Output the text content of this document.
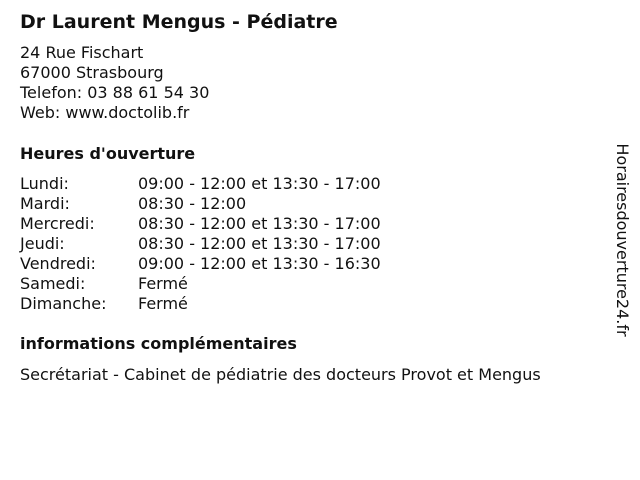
Dr Laurent Mengus - Pédiatre
24 Rue Fischart
67000 Strasbourg
Telefon: 03 88 61 54 30
Web: www.doctolib.fr
Heures d'ouverture
Lundi:	09:00 - 12:00 et 13:30 - 17:00
Mardi:	08:30 - 12:00
Mercredi:	08:30 - 12:00 et 13:30 - 17:00
Jeudi:	08:30 - 12:00 et 13:30 - 17:00
Vendredi:	09:00 - 12:00 et 13:30 - 16:30
Samedi:	Fermé
Dimanche: Fermé
informations complémentaires
Secrétariat - Cabinet de pédiatrie des docteurs Provot et Mengus
Horairesdouverture24.fr
